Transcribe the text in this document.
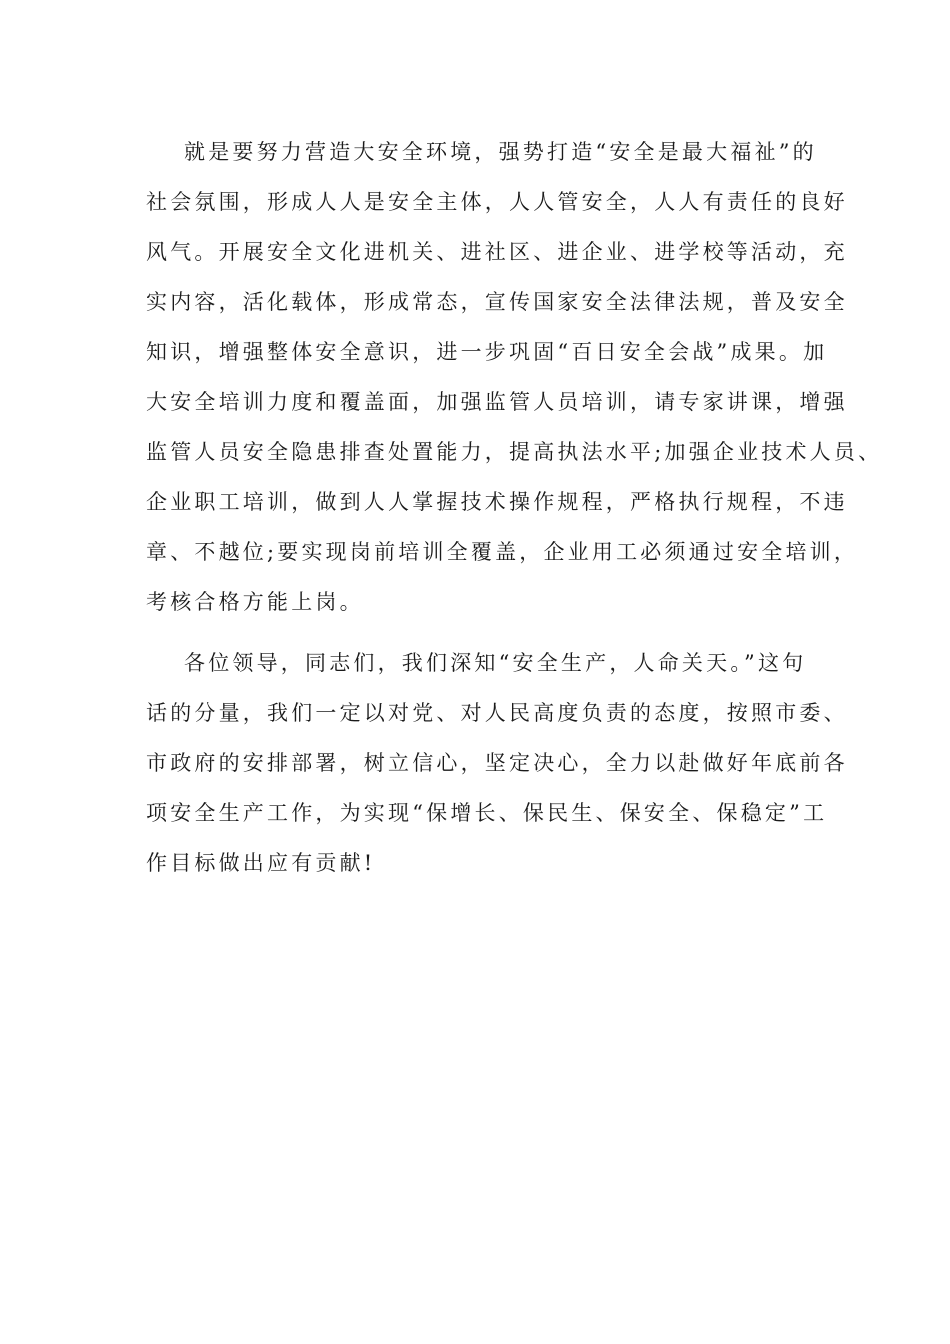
就是要努力营造大安全环境，强势打造“安全是最大福祉”的
社会氛围，形成人人是安全主体，人人管安全，人人有责任的良好
风气。开展安全文化进机关、进社区、进企业、进学校等活动，充
实内容，活化载体，形成常态，宣传国家安全法律法规，普及安全
知识，增强整体安全意识，进一步巩固“百日安全会战”成果。加
大安全培训力度和覆盖面，加强监管人员培训，请专家讲课，增强
监管人员安全隐患排查处置能力，提高执法水平;加强企业技术人员、
企业职工培训，做到人人掌握技术操作规程，严格执行规程，不违
章、不越位;要实现岗前培训全覆盖，企业用工必须通过安全培训，
考核合格方能上岗。
各位领导，同志们，我们深知“安全生产，人命关天。”这句
话的分量，我们一定以对党、对人民高度负责的态度，按照市委、
市政府的安排部署，树立信心，坚定决心，全力以赴做好年底前各
项安全生产工作，为实现“保增长、保民生、保安全、保稳定”工
作目标做出应有贡献!
